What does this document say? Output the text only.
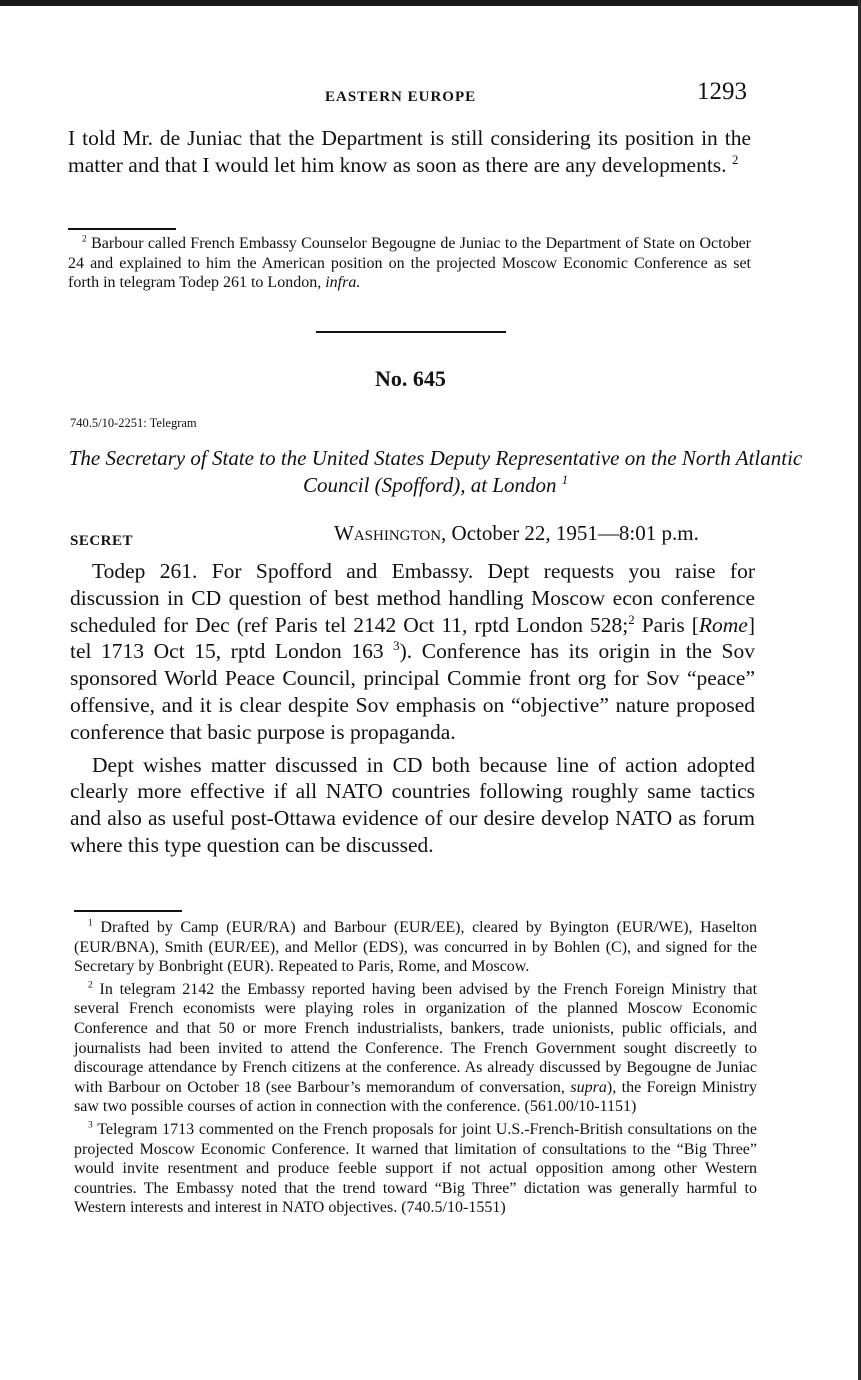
EASTERN EUROPE	1293

I told Mr. de Juniac that the Department is still considering its position in the matter and that I would let him know as soon as there are any developments. $^2$

$^2$ Barbour called French Embassy Counselor Begougne de Juniac to the Department of State on October 24 and explained to him the American position on the projected Moscow Economic Conference as set forth in telegram Todep 261 to London, infra.

No. 645
740.5/10-2251: Telegram
The Secretary of State to the United States Deputy Representative on the North Atlantic Council (Spofford), at London $^1$
SECRET	Washington, October 22, 1951—8:01 p.m.

Todep 261. For Spofford and Embassy. Dept requests you raise for discussion in CD question of best method handling Moscow econ conference scheduled for Dec (ref Paris tel 2142 Oct 11, rptd London 528;$^2$ Paris [Rome] tel 1713 Oct 15, rptd London 163 $^3$). Conference has its origin in the Sov sponsored World Peace Council, principal Commie front org for Sov “peace” offensive, and it is clear despite Sov emphasis on “objective” nature proposed conference that basic purpose is propaganda.

Dept wishes matter discussed in CD both because line of action adopted clearly more effective if all NATO countries following roughly same tactics and also as useful post-Ottawa evidence of our desire develop NATO as forum where this type question can be discussed.

$^1$ Drafted by Camp (EUR/RA) and Barbour (EUR/EE), cleared by Byington (EUR/WE), Haselton (EUR/BNA), Smith (EUR/EE), and Mellor (EDS), was concurred in by Bohlen (C), and signed for the Secretary by Bonbright (EUR). Repeated to Paris, Rome, and Moscow.

$^2$ In telegram 2142 the Embassy reported having been advised by the French Foreign Ministry that several French economists were playing roles in organization of the planned Moscow Economic Conference and that 50 or more French industrialists, bankers, trade unionists, public officials, and journalists had been invited to attend the Conference. The French Government sought discreetly to discourage attendance by French citizens at the conference. As already discussed by Begougne de Juniac with Barbour on October 18 (see Barbour’s memorandum of conversation, supra), the Foreign Ministry saw two possible courses of action in connection with the conference. (561.00/10-1151)

$^3$ Telegram 1713 commented on the French proposals for joint U.S.-French-British consultations on the projected Moscow Economic Conference. It warned that limitation of consultations to the “Big Three” would invite resentment and produce feeble support if not actual opposition among other Western countries. The Embassy noted that the trend toward “Big Three” dictation was generally harmful to Western interests and interest in NATO objectives. (740.5/10-1551)
